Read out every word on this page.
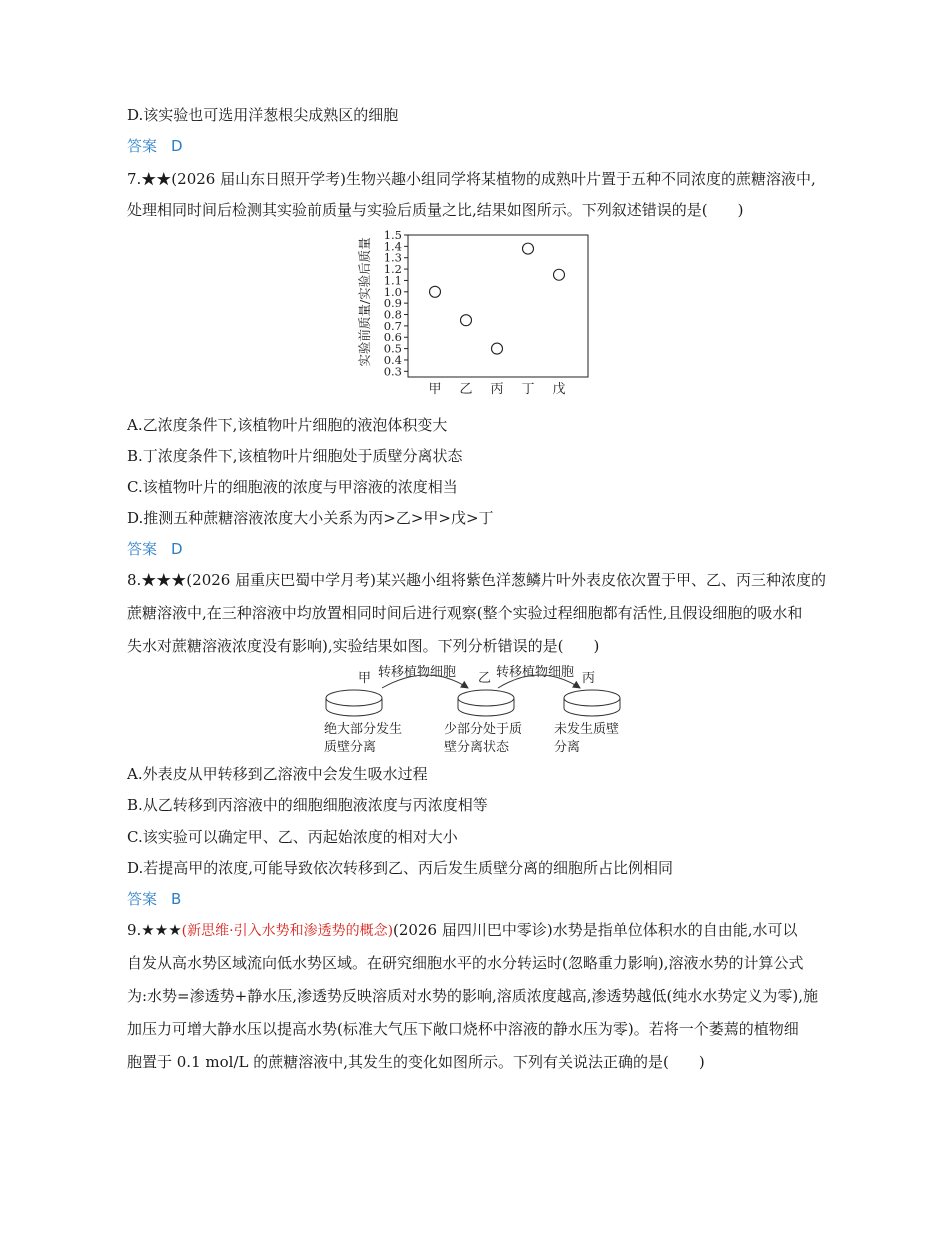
D.该实验也可选用洋葱根尖成熟区的细胞
答案 D
7.★★(2026 届山东日照开学考)生物兴趣小组同学将某植物的成熟叶片置于五种不同浓度的蔗糖溶液中,
处理相同时间后检测其实验前质量与实验后质量之比,结果如图所示。下列叙述错误的是(　　)
实验前质量/实验后质量
1.5
1.4
1.3
1.2
1.1
1.0
0.9
0.8
0.7
0.6
0.5
0.4
0.3
甲 乙 丙 丁 戊
A.乙浓度条件下,该植物叶片细胞的液泡体积变大
B.丁浓度条件下,该植物叶片细胞处于质壁分离状态
C.该植物叶片的细胞液的浓度与甲溶液的浓度相当
D.推测五种蔗糖溶液浓度大小关系为丙>乙>甲>戊>丁
答案 D
8.★★★(2026 届重庆巴蜀中学月考)某兴趣小组将紫色洋葱鳞片叶外表皮依次置于甲、乙、丙三种浓度的
蔗糖溶液中,在三种溶液中均放置相同时间后进行观察(整个实验过程细胞都有活性,且假设细胞的吸水和
失水对蔗糖溶液浓度没有影响),实验结果如图。下列分析错误的是(　　)
甲	乙	丙
转移植物细胞	转移植物细胞
绝大部分发生
质壁分离
少部分处于质
壁分离状态
未发生质壁
分离
A.外表皮从甲转移到乙溶液中会发生吸水过程
B.从乙转移到丙溶液中的细胞细胞液浓度与丙浓度相等
C.该实验可以确定甲、乙、丙起始浓度的相对大小
D.若提高甲的浓度,可能导致依次转移到乙、丙后发生质壁分离的细胞所占比例相同
答案 B
9.★★★(新思维·引入水势和渗透势的概念)(2026 届四川巴中零诊)水势是指单位体积水的自由能,水可以
自发从高水势区域流向低水势区域。在研究细胞水平的水分转运时(忽略重力影响),溶液水势的计算公式
为:水势=渗透势+静水压,渗透势反映溶质对水势的影响,溶质浓度越高,渗透势越低(纯水水势定义为零),施
加压力可增大静水压以提高水势(标准大气压下敞口烧杯中溶液的静水压为零)。若将一个萎蔫的植物细
胞置于 0.1 mol/L 的蔗糖溶液中,其发生的变化如图所示。下列有关说法正确的是(　　)
